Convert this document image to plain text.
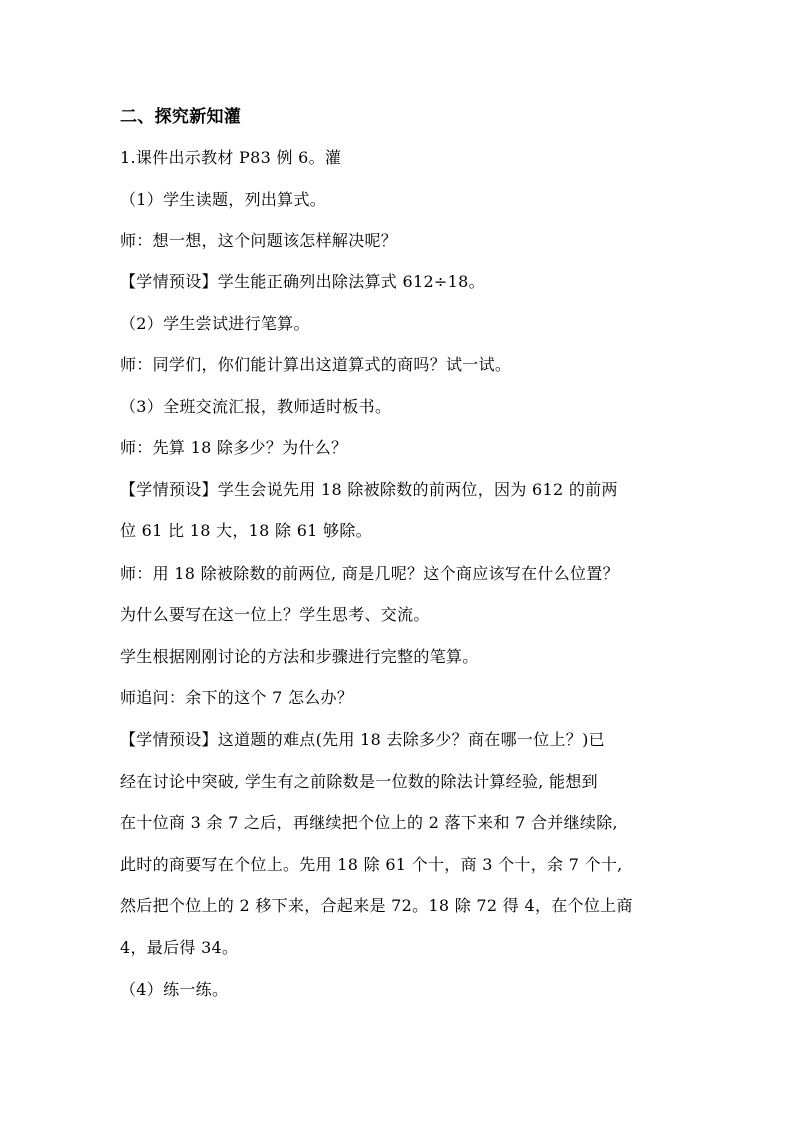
二、探究新知灌
1.课件出示教材 P83 例 6。灌
（1）学生读题，列出算式。
师：想一想，这个问题该怎样解决呢？
【学情预设】学生能正确列出除法算式 612÷18。
（2）学生尝试进行笔算。
师：同学们，你们能计算出这道算式的商吗？试一试。
（3）全班交流汇报，教师适时板书。
师：先算 18 除多少？为什么？
【学情预设】学生会说先用 18 除被除数的前两位，因为 612 的前两
位 61 比 18 大，18 除 61 够除。
师：用 18 除被除数的前两位, 商是几呢？这个商应该写在什么位置？
为什么要写在这一位上？学生思考、交流。
学生根据刚刚讨论的方法和步骤进行完整的笔算。
师追问：余下的这个 7 怎么办？
【学情预设】这道题的难点(先用 18 去除多少？商在哪一位上？)已
经在讨论中突破, 学生有之前除数是一位数的除法计算经验, 能想到
在十位商 3 余 7 之后，再继续把个位上的 2 落下来和 7 合并继续除,
此时的商要写在个位上。先用 18 除 61 个十，商 3 个十，余 7 个十,
然后把个位上的 2 移下来，合起来是 72。18 除 72 得 4，在个位上商
4，最后得 34。
（4）练一练。
